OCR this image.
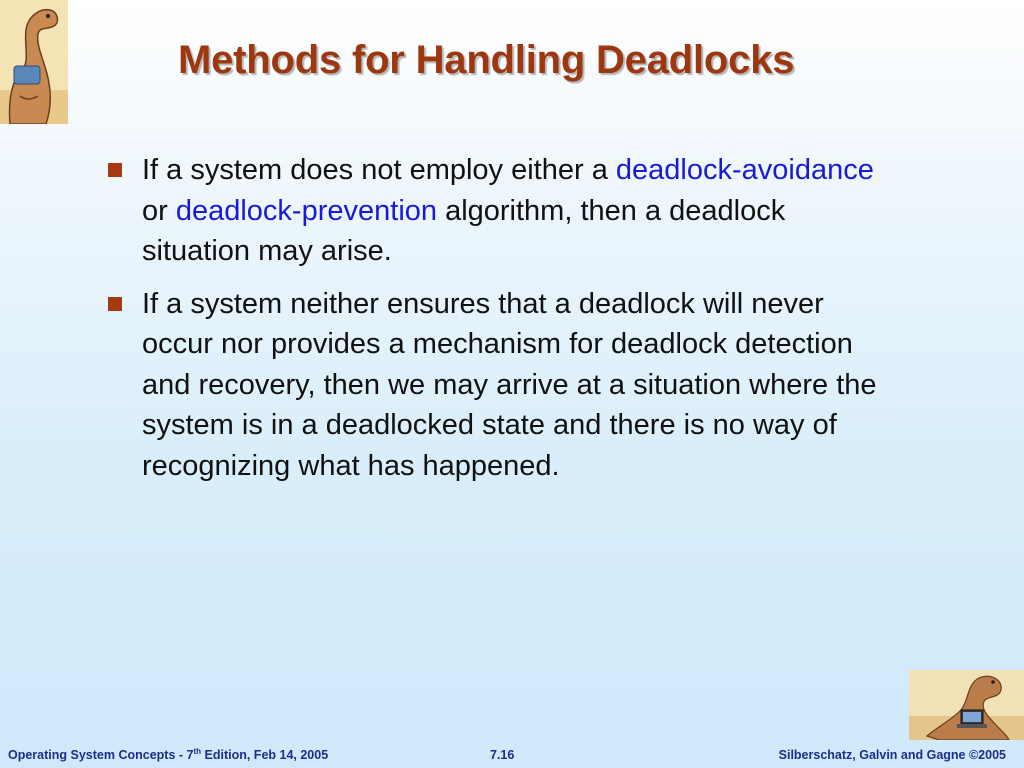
Methods for Handling Deadlocks
If a system does not employ either a deadlock-avoidance or deadlock-prevention algorithm, then a deadlock situation may arise.
If a system neither ensures that a deadlock will never occur nor provides a mechanism for deadlock detection and recovery, then we may arrive at a situation where the system is in a deadlocked state and there is no way of recognizing what has happened.
Operating System Concepts - 7th Edition, Feb 14, 2005	7.16	Silberschatz, Galvin and Gagne ©2005
